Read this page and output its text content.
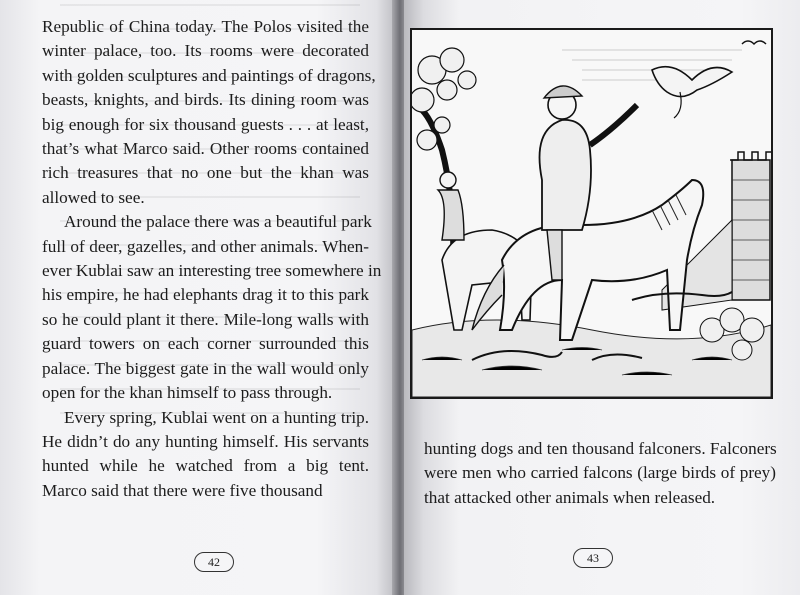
Republic of China today. The Polos visited the
winter palace, too. Its rooms were decorated
with golden sculptures and paintings of dragons,
beasts, knights, and birds. Its dining room was
big enough for six thousand guests . . . at least,
that’s what Marco said. Other rooms contained
rich treasures that no one but the khan was
allowed to see.
Around the palace there was a beautiful park
full of deer, gazelles, and other animals. When-
ever Kublai saw an interesting tree somewhere in
his empire, he had elephants drag it to this park
so he could plant it there. Mile-long walls with
guard towers on each corner surrounded this
palace. The biggest gate in the wall would only
open for the khan himself to pass through.
Every spring, Kublai went on a hunting trip.
He didn’t do any hunting himself. His servants
hunted while he watched from a big tent.
Marco said that there were five thousand
42
hunting dogs and ten thousand falconers. Falconers
were men who carried falcons (large birds of prey)
that attacked other animals when released.
43
